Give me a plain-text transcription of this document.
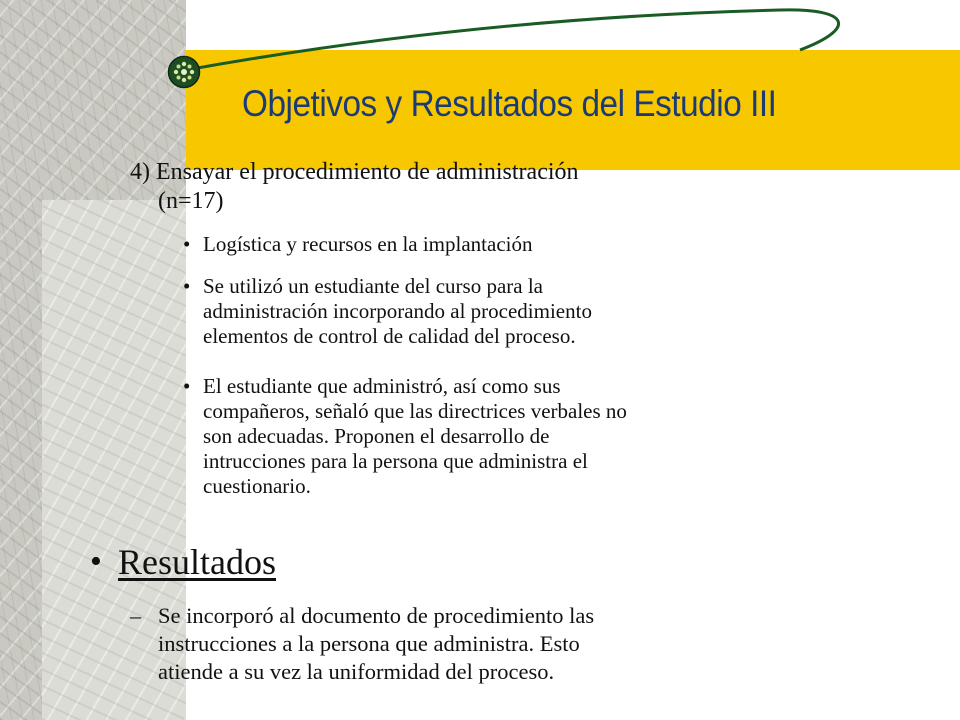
Objetivos y Resultados del Estudio III
4) Ensayar el procedimiento de administración
(n=17)
• Logística y recursos en la implantación
• Se utilizó un estudiante del curso para la
administración incorporando al procedimiento
elementos de control de calidad del proceso.
• El estudiante que administró, así como sus
compañeros, señaló que las directrices verbales no
son adecuadas. Proponen el desarrollo de
intrucciones para la persona que administra el
cuestionario.
• Resultados
– Se incorporó al documento de procedimiento las
instrucciones a la persona que administra. Esto
atiende a su vez la uniformidad del proceso.
